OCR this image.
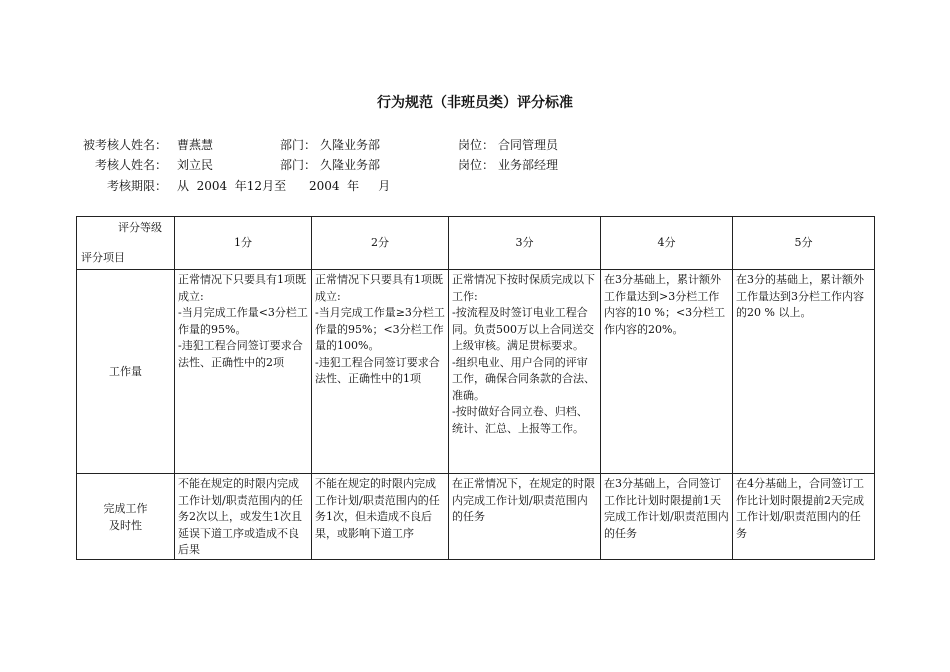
行为规范（非班员类）评分标准
被考核人姓名： 曹燕慧	部门： 久隆业务部	岗位： 合同管理员
考核人姓名： 刘立民	部门： 久隆业务部	岗位： 业务部经理
考核期限： 从  2004  年12月至      2004  年     月
评分等级
评分项目	1分	2分	3分	4分	5分
工作量	正常情况下只要具有1项既成立:
-当月完成工作量<3分栏工作量的95%。
-违犯工程合同签订要求合法性、正确性中的2项	正常情况下只要具有1项既成立:
-当月完成工作量≥3分栏工作量的95%；<3分栏工作量的100%。
-违犯工程合同签订要求合法性、正确性中的1项	正常情况下按时保质完成以下工作:
-按流程及时签订电业工程合同。负责500万以上合同送交上级审核。满足贯标要求。
-组织电业、用户合同的评审工作，确保合同条款的合法、准确。
-按时做好合同立卷、归档、统计、汇总、上报等工作。	在3分基础上，累计额外工作量达到>3分栏工作内容的10 %；<3分栏工作内容的20%。	在3分的基础上，累计额外工作量达到3分栏工作内容的20 % 以上。

完成工作
及时性	不能在规定的时限内完成工作计划/职责范围内的任务2次以上，或发生1次且延误下道工序或造成不良后果	不能在规定的时限内完成工作计划/职责范围内的任务1次，但未造成不良后果，或影响下道工序	在正常情况下，在规定的时限内完成工作计划/职责范围内的任务	在3分基础上，合同签订工作比计划时限提前1天完成工作计划/职责范围内的任务	在4分基础上，合同签订工作比计划时限提前2天完成工作计划/职责范围内的任务
